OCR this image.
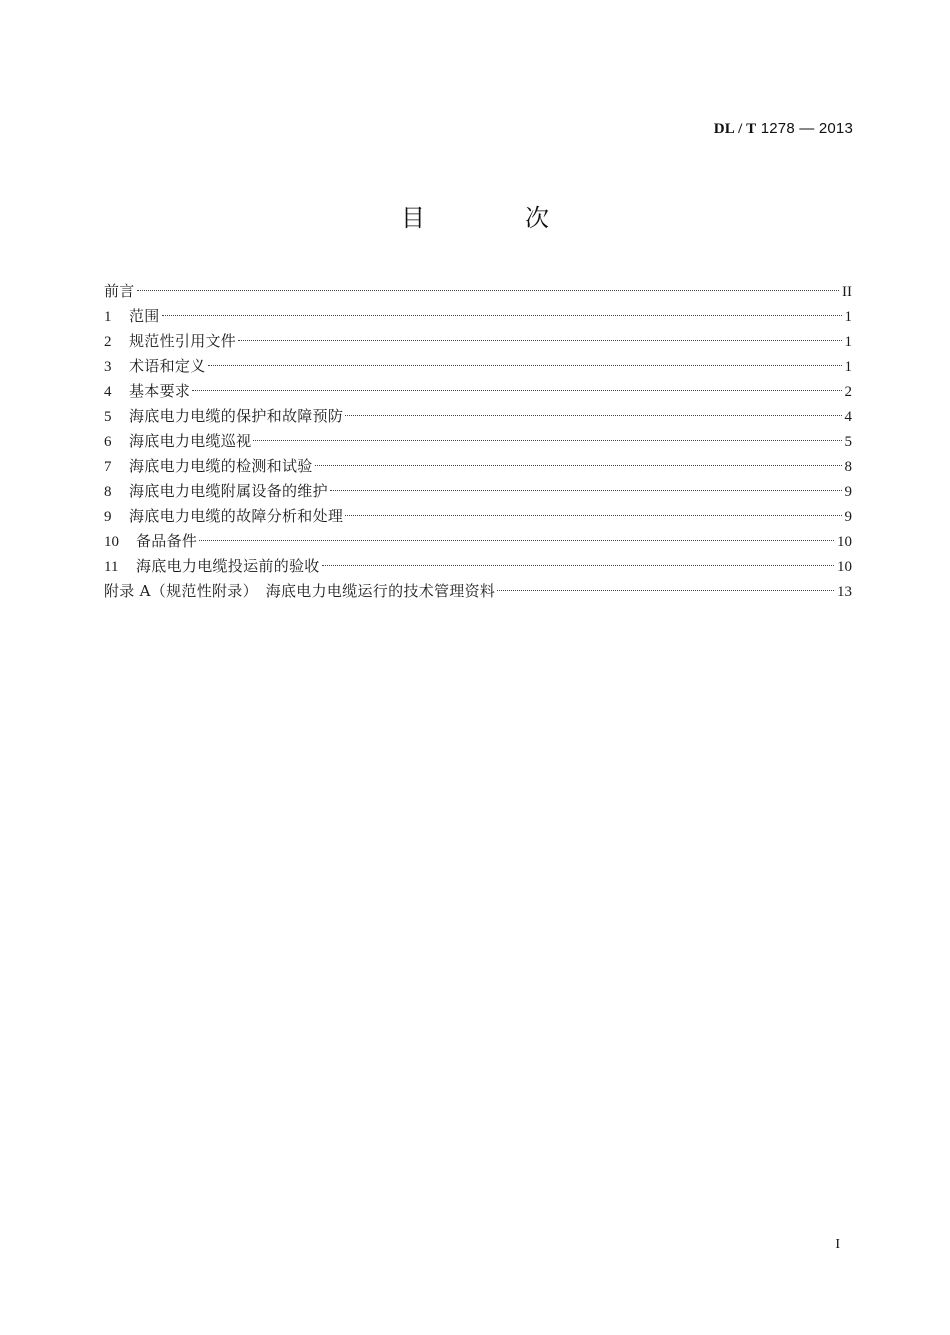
DL / T 1278 — 2013
目　次
前言	II
1	范围	1
2	规范性引用文件	1
3	术语和定义	1
4	基本要求	2
5	海底电力电缆的保护和故障预防	4
6	海底电力电缆巡视	5
7	海底电力电缆的检测和试验	8
8	海底电力电缆附属设备的维护	9
9	海底电力电缆的故障分析和处理	9
10	备品备件	10
11	海底电力电缆投运前的验收	10
附录 A（规范性附录）　海底电力电缆运行的技术管理资料	13
I
